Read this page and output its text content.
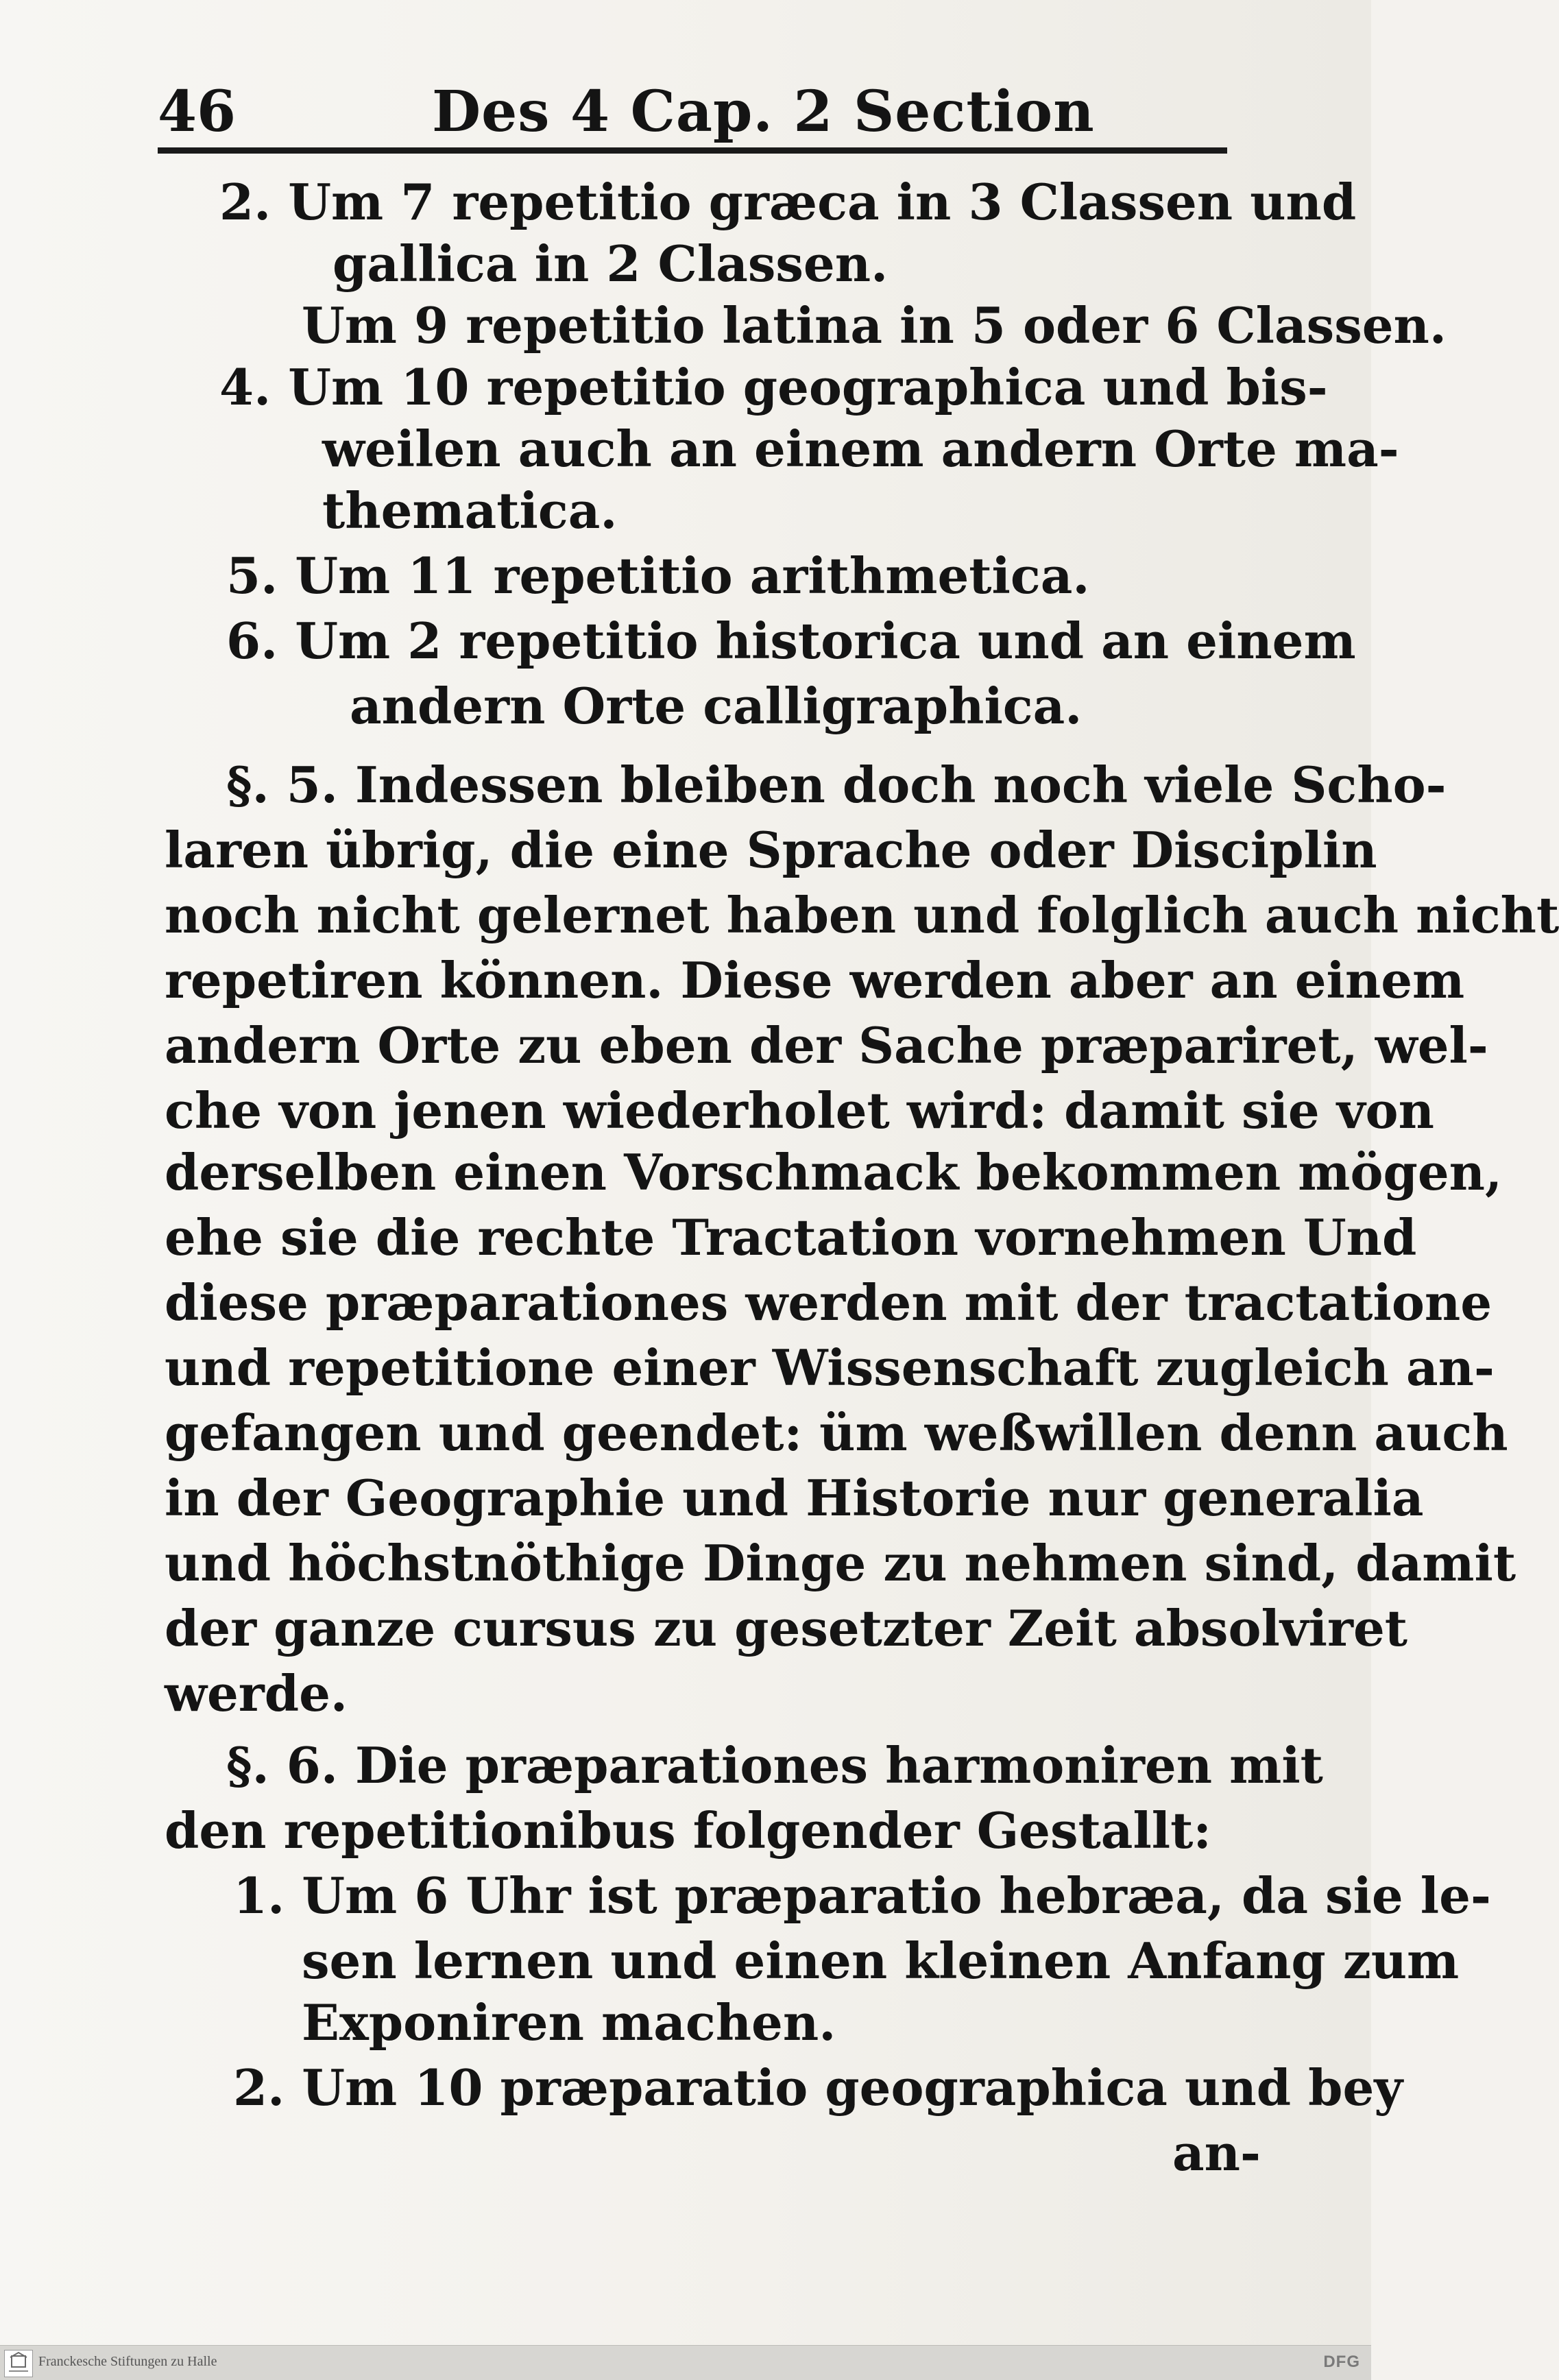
46	Des 4 Cap. 2 Section
2. Um 7 repetitio græca in 3 Classen und
gallica in 2 Classen.
Um 9 repetitio latina in 5 oder 6 Classen.
4. Um 10 repetitio geographica und bis-
weilen auch an einem andern Orte ma-
thematica.
5. Um 11 repetitio arithmetica.
6. Um 2 repetitio historica und an einem
andern Orte calligraphica.
§. 5. Indessen bleiben doch noch viele Scho-
laren übrig, die eine Sprache oder Disciplin
noch nicht gelernet haben und folglich auch nicht
repetiren können. Diese werden aber an einem
andern Orte zu eben der Sache præpariret, wel-
che von jenen wiederholet wird: damit sie von
derselben einen Vorschmack bekommen mögen,
ehe sie die rechte Tractation vornehmen Und
diese præparationes werden mit der tractatione
und repetitione einer Wissenschaft zugleich an-
gefangen und geendet: üm weßwillen denn auch
in der Geographie und Historie nur generalia
und höchstnöthige Dinge zu nehmen sind, damit
der ganze cursus zu gesetzter Zeit absolviret
werde.
§. 6. Die præparationes harmoniren mit
den repetitionibus folgender Gestallt:
1. Um 6 Uhr ist præparatio hebræa, da sie le-
sen lernen und einen kleinen Anfang zum
Exponiren machen.
2. Um 10 præparatio geographica und bey
an-
Franckesche Stiftungen zu Halle	DFG
